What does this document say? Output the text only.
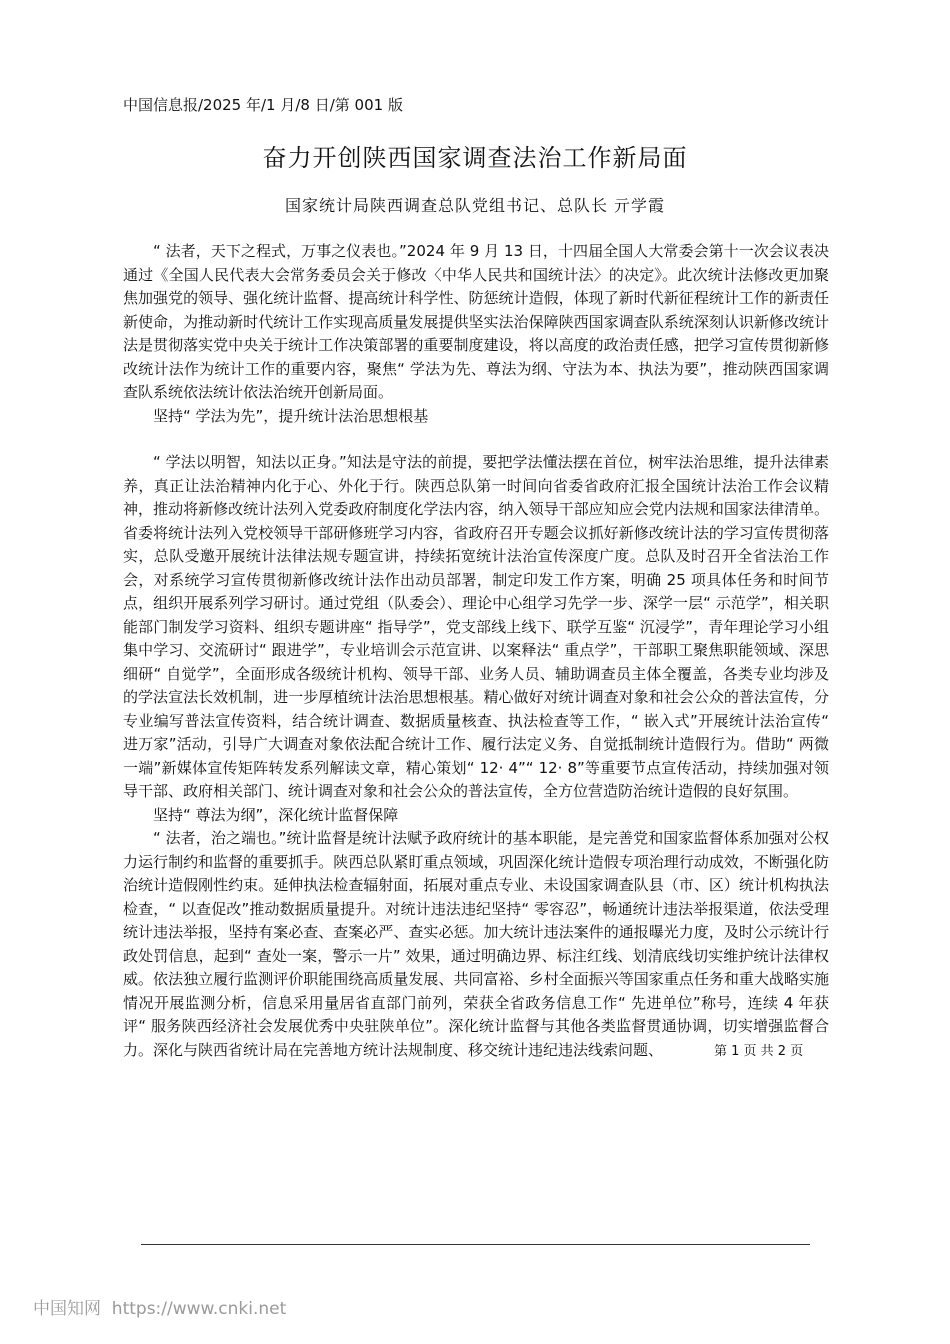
中国信息报/2025 年/1 月/8 日/第 001 版
奋力开创陕西国家调查法治工作新局面
国家统计局陕西调查总队党组书记、总队长 亓学霞

“ 法者，天下之程式，万事之仪表也。”2024 年 9 月 13 日，十四届全国人大常委会第十一次会议表决通过《全国人民代表大会常务委员会关于修改〈中华人民共和国统计法〉的决定》。此次统计法修改更加聚焦加强党的领导、强化统计监督、提高统计科学性、防惩统计造假，体现了新时代新征程统计工作的新责任新使命，为推动新时代统计工作实现高质量发展提供坚实法治保障陕西国家调查队系统深刻认识新修改统计法是贯彻落实党中央关于统计工作决策部署的重要制度建设，将以高度的政治责任感，把学习宣传贯彻新修改统计法作为统计工作的重要内容，聚焦“ 学法为先、尊法为纲、守法为本、执法为要”，推动陕西国家调查队系统依法统计依法治统开创新局面。

坚持“ 学法为先”，提升统计法治思想根基

“ 学法以明智，知法以正身。”知法是守法的前提，要把学法懂法摆在首位，树牢法治思维，提升法律素养，真正让法治精神内化于心、外化于行。陕西总队第一时间向省委省政府汇报全国统计法治工作会议精神，推动将新修改统计法列入党委政府制度化学法内容，纳入领导干部应知应会党内法规和国家法律清单。省委将统计法列入党校领导干部研修班学习内容，省政府召开专题会议抓好新修改统计法的学习宣传贯彻落实，总队受邀开展统计法律法规专题宣讲，持续拓宽统计法治宣传深度广度。总队及时召开全省法治工作会，对系统学习宣传贯彻新修改统计法作出动员部署，制定印发工作方案，明确 25 项具体任务和时间节点，组织开展系列学习研讨。通过党组（队委会）、理论中心组学习先学一步、深学一层“ 示范学”，相关职能部门制发学习资料、组织专题讲座“ 指导学”，党支部线上线下、联学互鉴“ 沉浸学”，青年理论学习小组集中学习、交流研讨“ 跟进学”，专业培训会示范宣讲、以案释法“ 重点学”，干部职工聚焦职能领域、深思细研“ 自觉学”，全面形成各级统计机构、领导干部、业务人员、辅助调查员主体全覆盖，各类专业均涉及的学法宣法长效机制，进一步厚植统计法治思想根基。精心做好对统计调查对象和社会公众的普法宣传，分专业编写普法宣传资料，结合统计调查、数据质量核查、执法检查等工作，“ 嵌入式”开展统计法治宣传“ 进万家”活动，引导广大调查对象依法配合统计工作、履行法定义务、自觉抵制统计造假行为。借助“ 两微一端”新媒体宣传矩阵转发系列解读文章，精心策划“ 12· 4”“ 12· 8”等重要节点宣传活动，持续加强对领导干部、政府相关部门、统计调查对象和社会公众的普法宣传，全方位营造防治统计造假的良好氛围。

坚持“ 尊法为纲”，深化统计监督保障

“ 法者，治之端也。”统计监督是统计法赋予政府统计的基本职能，是完善党和国家监督体系加强对公权力运行制约和监督的重要抓手。陕西总队紧盯重点领域，巩固深化统计造假专项治理行动成效，不断强化防治统计造假刚性约束。延伸执法检查辐射面，拓展对重点专业、未设国家调查队县（市、区）统计机构执法检查，“ 以查促改”推动数据质量提升。对统计违法违纪坚持“ 零容忍”，畅通统计违法举报渠道，依法受理统计违法举报，坚持有案必查、查案必严、查实必惩。加大统计违法案件的通报曝光力度，及时公示统计行政处罚信息，起到“ 查处一案，警示一片” 效果，通过明确边界、标注红线、划清底线切实维护统计法律权威。依法独立履行监测评价职能围绕高质量发展、共同富裕、乡村全面振兴等国家重点任务和重大战略实施情况开展监测分析，信息采用量居省直部门前列，荣获全省政务信息工作“ 先进单位”称号，连续 4 年获评“ 服务陕西经济社会发展优秀中央驻陕单位”。深化统计监督与其他各类监督贯通协调，切实增强监督合力。深化与陕西省统计局在完善地方统计法规制度、移交统计违纪违法线索问题、	第 1 页 共 2 页
中国知网  https://www.cnki.net
